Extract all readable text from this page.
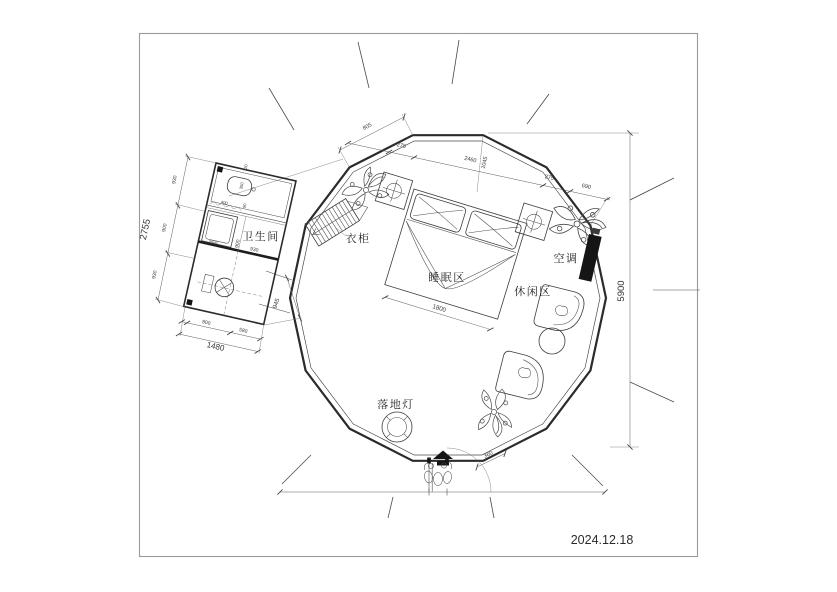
1800
卫生间	衣柜
睡眠区
休闲区
空调
落地灯
805
275
2460 1045
275
690
5900
360
2755
930
900
930
800
580
1480
945
550	900
930
400	90
350
120
2024.12.18
